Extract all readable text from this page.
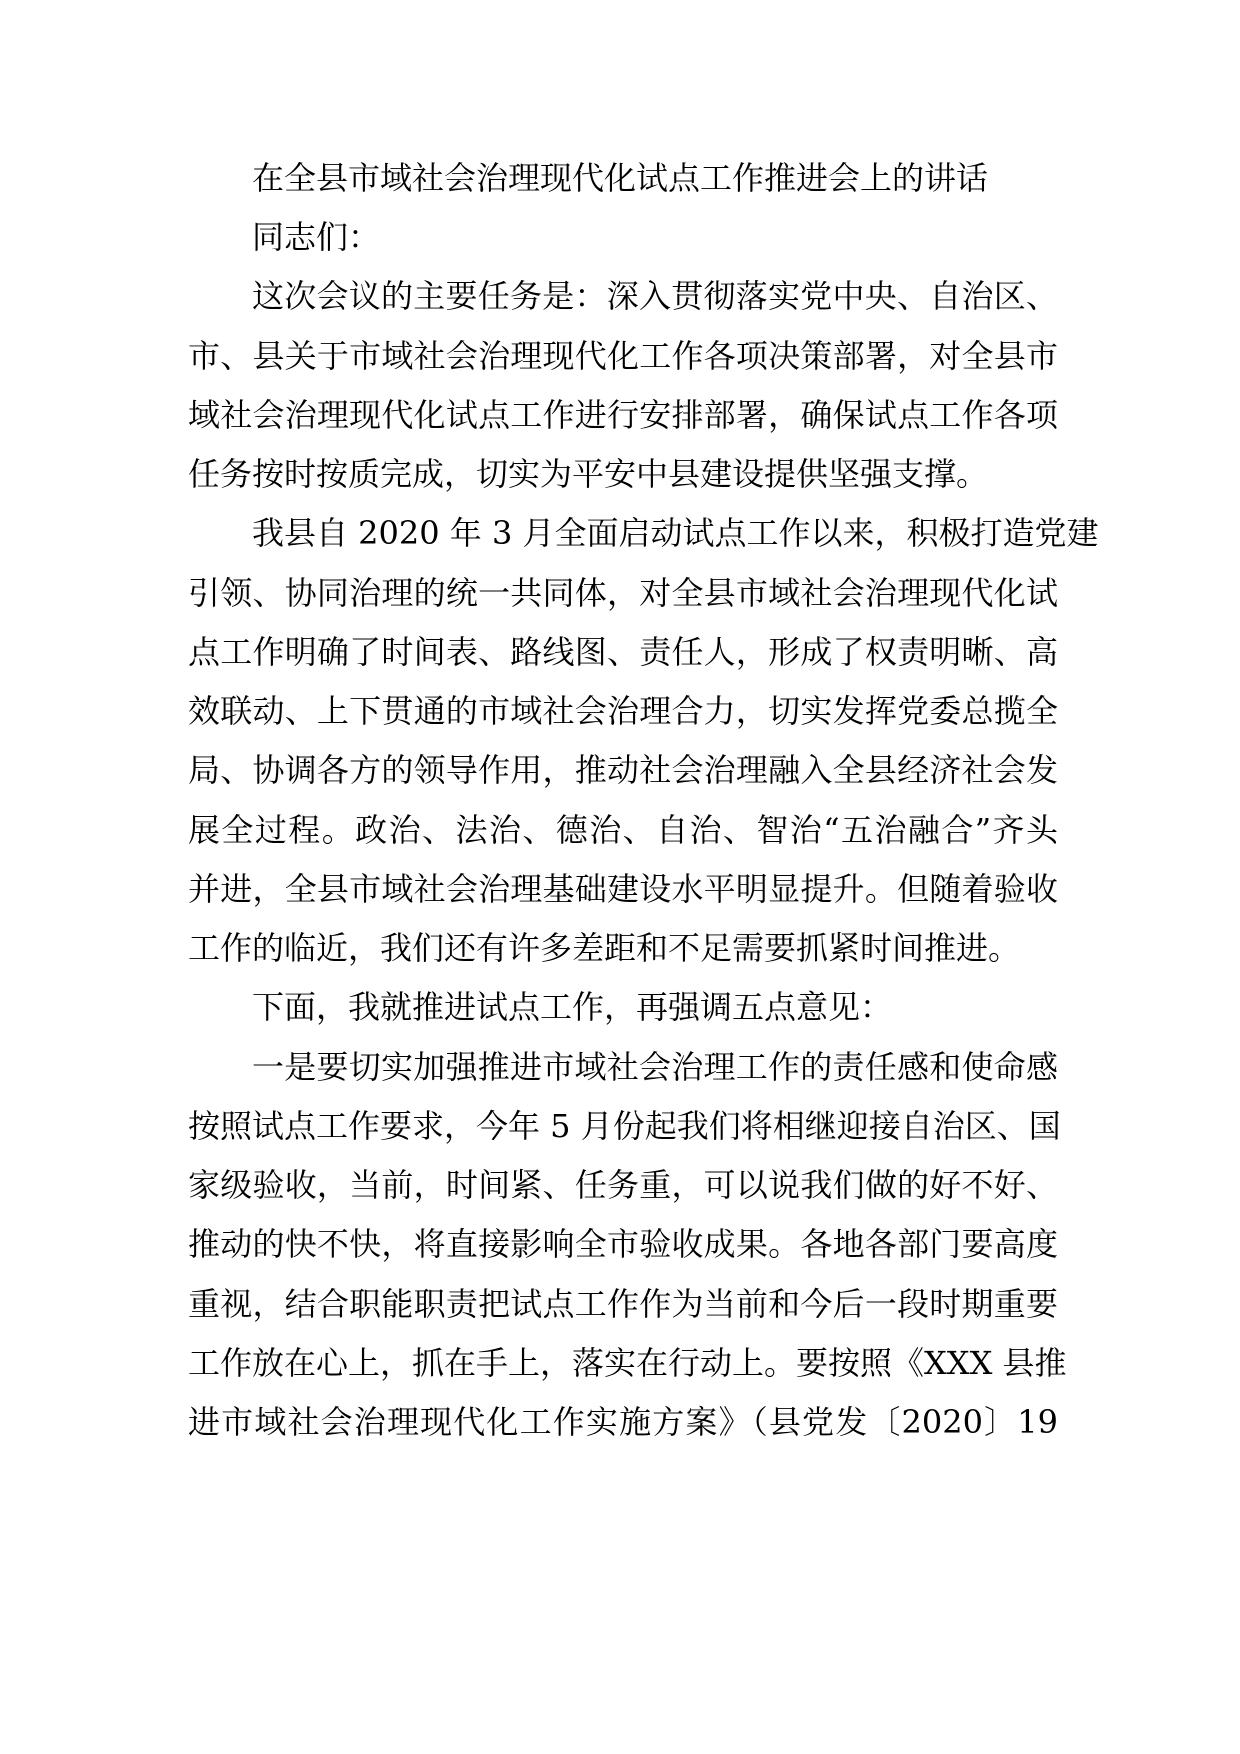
在全县市域社会治理现代化试点工作推进会上的讲话
同志们：
这次会议的主要任务是：深入贯彻落实党中央、自治区、
市、县关于市域社会治理现代化工作各项决策部署，对全县市
域社会治理现代化试点工作进行安排部署，确保试点工作各项
任务按时按质完成，切实为平安中县建设提供坚强支撑。
我县自 2020 年 3 月全面启动试点工作以来，积极打造党建
引领、协同治理的统一共同体，对全县市域社会治理现代化试
点工作明确了时间表、路线图、责任人，形成了权责明晰、高
效联动、上下贯通的市域社会治理合力，切实发挥党委总揽全
局、协调各方的领导作用，推动社会治理融入全县经济社会发
展全过程。政治、法治、德治、自治、智治“五治融合”齐头
并进，全县市域社会治理基础建设水平明显提升。但随着验收
工作的临近，我们还有许多差距和不足需要抓紧时间推进。
下面，我就推进试点工作，再强调五点意见：
一是要切实加强推进市域社会治理工作的责任感和使命感
按照试点工作要求，今年 5 月份起我们将相继迎接自治区、国
家级验收，当前，时间紧、任务重，可以说我们做的好不好、
推动的快不快，将直接影响全市验收成果。各地各部门要高度
重视，结合职能职责把试点工作作为当前和今后一段时期重要
工作放在心上，抓在手上，落实在行动上。要按照《XXX 县推
进市域社会治理现代化工作实施方案》（县党发〔2020〕19
